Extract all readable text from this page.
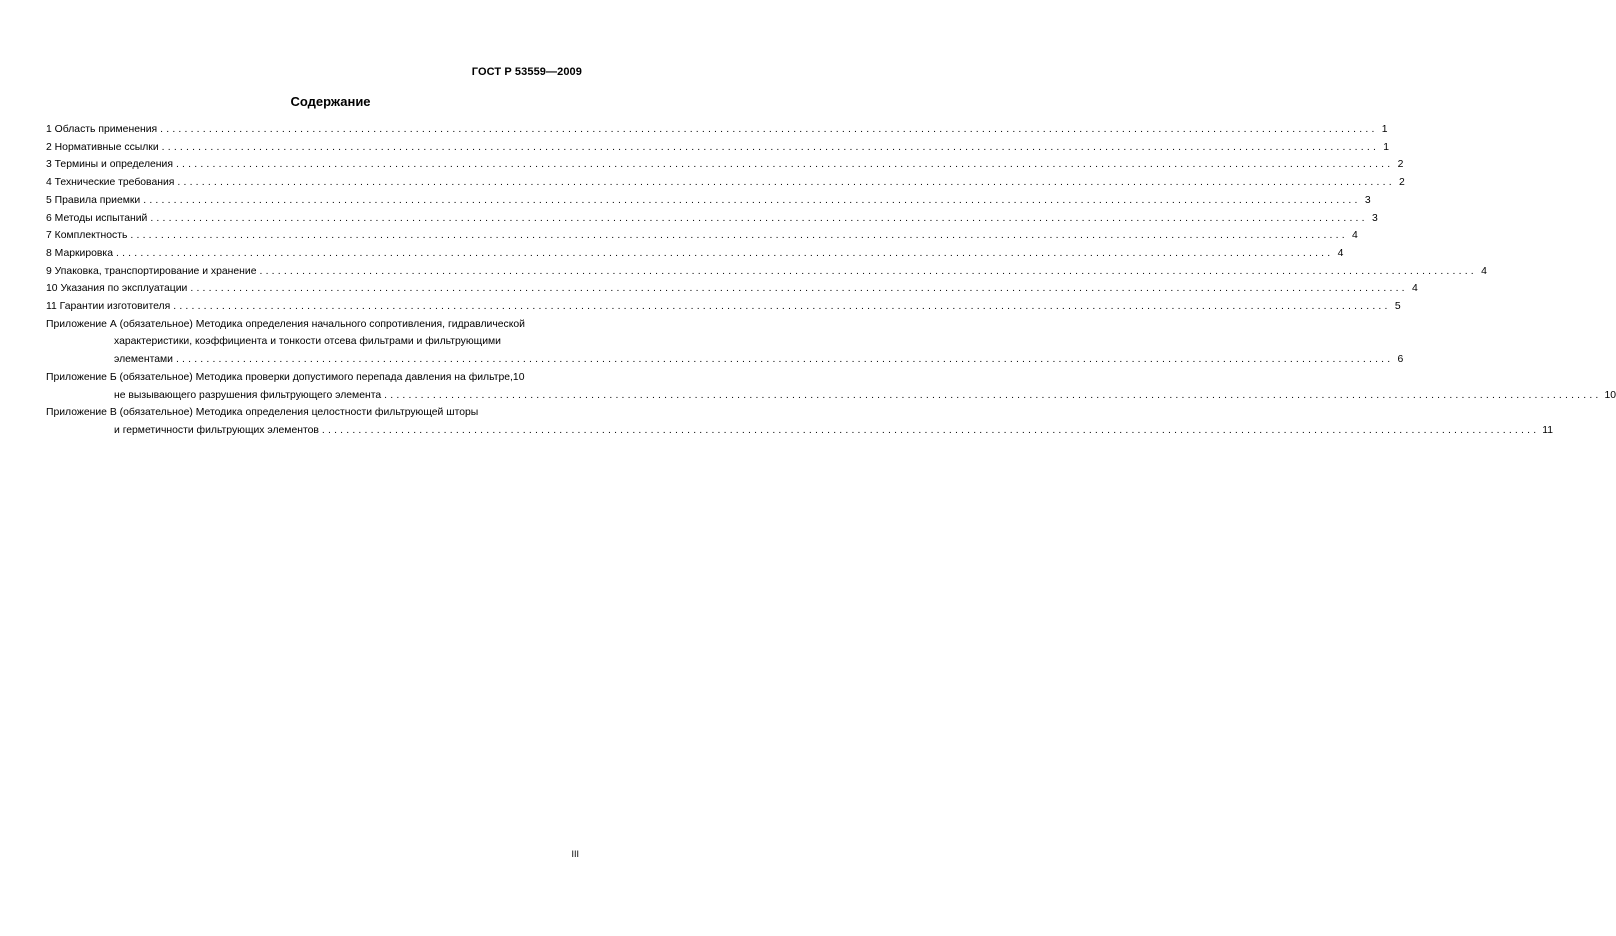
ГОСТ Р 53559—2009
Содержание
1 Область применения ........................................................................................................................................................................................................ 1
2 Нормативные ссылки ........................................................................................................................................................................................................ 1
3 Термины и определения ........................................................................................................................................................................................................ 2
4 Технические требования ........................................................................................................................................................................................................ 2
5 Правила приемки ........................................................................................................................................................................................................ 3
6 Методы испытаний ........................................................................................................................................................................................................ 3
7 Комплектность ........................................................................................................................................................................................................ 4
8 Маркировка ........................................................................................................................................................................................................ 4
9 Упаковка, транспортирование и хранение ........................................................................................................................................................................................................ 4
10 Указания по эксплуатации ........................................................................................................................................................................................................ 4
11 Гарантии изготовителя ........................................................................................................................................................................................................ 5
Приложение А (обязательное) Методика определения начального сопротивления, гидравлической
характеристики, коэффициента и тонкости отсева фильтрами и фильтрующими
элементами ........................................................................................................................................................................................................ 6
Приложение Б (обязательное) Методика проверки допустимого перепада давления на фильтре,10
не вызывающего разрушения фильтрующего элемента ........................................................................................................................................................................................................ 10
Приложение В (обязательное) Методика определения целостности фильтрующей шторы
и герметичности фильтрующих элементов ........................................................................................................................................................................................................ 11
III
